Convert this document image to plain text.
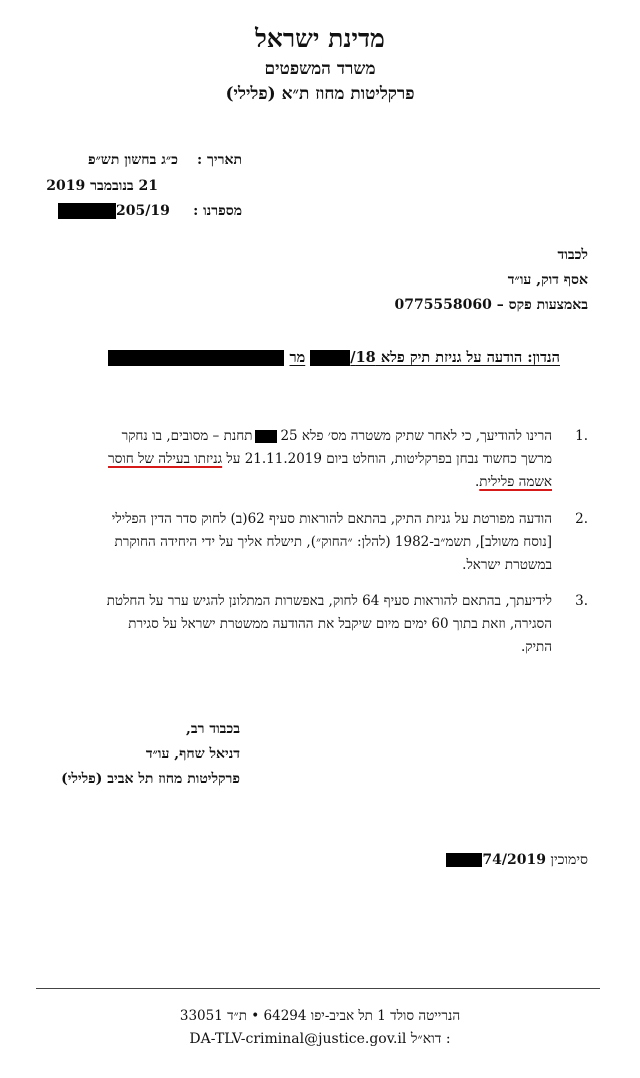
מדינת ישראל
משרד המשפטים
פרקליטות מחוז ת״א (פלילי)
תאריך :
כ״ג בחשון תש״פ
21 בנובמבר 2019
מספרנו :
205/19
לכבוד
אסף דוק, עו״ד
באמצעות פקס – 0775558060
הנדון: הודעה על גניזת תיק פלא 18/ מר
.1
הרינו להודיעך, כי לאחר שתיק משטרה מס׳ פלא 25תחנת – מסובים, בו נחקר
מרשך כחשוד נבחן בפרקליטות, הוחלט ביום 21.11.2019 על גניזתו בעילה של חוסר
אשמה פלילית.
.2
הודעה מפורטת על גניזת התיק, בהתאם להוראות סעיף 62(ב) לחוק סדר הדין הפלילי
[נוסח משולב], תשמ״ב-1982 (להלן: ״החוק״), תישלח אליך על ידי היחידה החוקרת
במשטרת ישראל.
.3
לידיעתך, בהתאם להוראות סעיף 64 לחוק, באפשרות המתלונן להגיש ערר על החלטת
הסגירה, וזאת בתוך 60 ימים מיום שיקבל את ההודעה ממשטרת ישראל על סגירת
התיק.
בכבוד רב,
דניאל שחף, עו״ד
פרקליטות מחוז תל אביב (פלילי)
סימוכין 74/2019
הנרייטה סולד 1 תל אביב-יפו 64294 • ת״ד 33051
DA-TLV-criminal@justice.gov.il דוא״ל :
